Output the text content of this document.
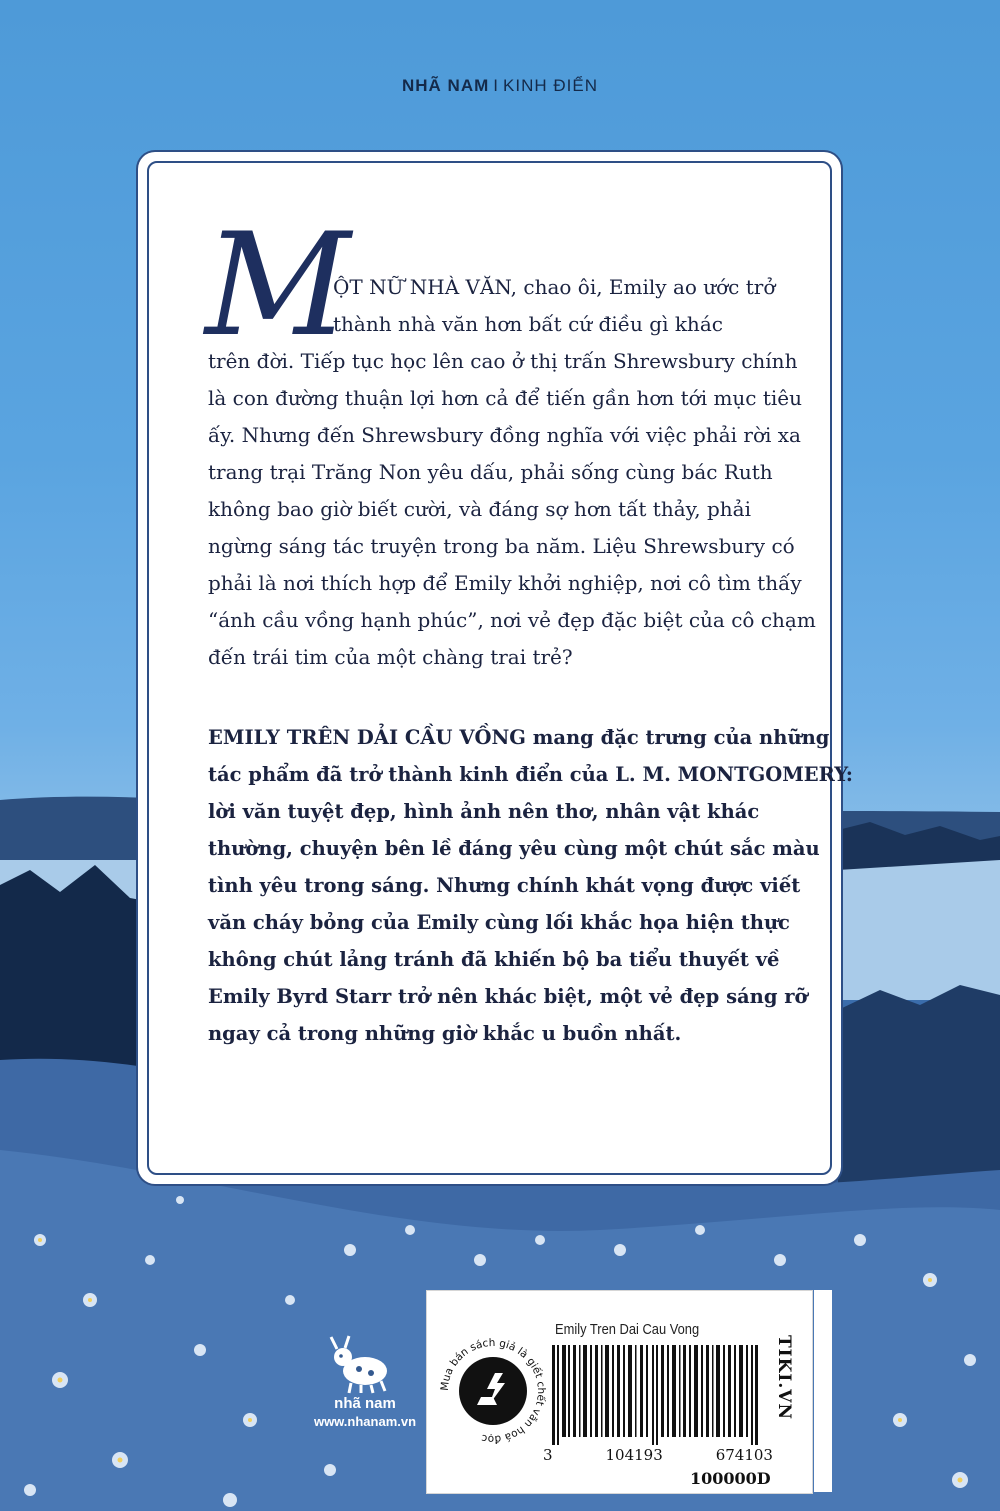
NHÃ NAM I KINH ĐIỂN
M
ỘT NỮ NHÀ VĂN, chao ôi, Emily ao ước trở
thành nhà văn hơn bất cứ điều gì khác
trên đời. Tiếp tục học lên cao ở thị trấn Shrewsbury chính
là con đường thuận lợi hơn cả để tiến gần hơn tới mục tiêu
ấy. Nhưng đến Shrewsbury đồng nghĩa với việc phải rời xa
trang trại Trăng Non yêu dấu, phải sống cùng bác Ruth
không bao giờ biết cười, và đáng sợ hơn tất thảy, phải
ngừng sáng tác truyện trong ba năm. Liệu Shrewsbury có
phải là nơi thích hợp để Emily khởi nghiệp, nơi cô tìm thấy
“ánh cầu vồng hạnh phúc”, nơi vẻ đẹp đặc biệt của cô chạm
đến trái tim của một chàng trai trẻ?
EMILY TRÊN DẢI CẦU VỒNG mang đặc trưng của những
tác phẩm đã trở thành kinh điển của L. M. MONTGOMERY:
lời văn tuyệt đẹp, hình ảnh nên thơ, nhân vật khác
thường, chuyện bên lề đáng yêu cùng một chút sắc màu
tình yêu trong sáng. Nhưng chính khát vọng được viết
văn cháy bỏng của Emily cùng lối khắc họa hiện thực
không chút lảng tránh đã khiến bộ ba tiểu thuyết về
Emily Byrd Starr trở nên khác biệt, một vẻ đẹp sáng rỡ
ngay cả trong những giờ khắc u buồn nhất.
nhã nam
www.nhanam.vn
Emily Tren Dai Cau Vong
Mua bán sách giả là giết chết văn hoá đọc
3	104193	674103
100000D
TIKI.VN
